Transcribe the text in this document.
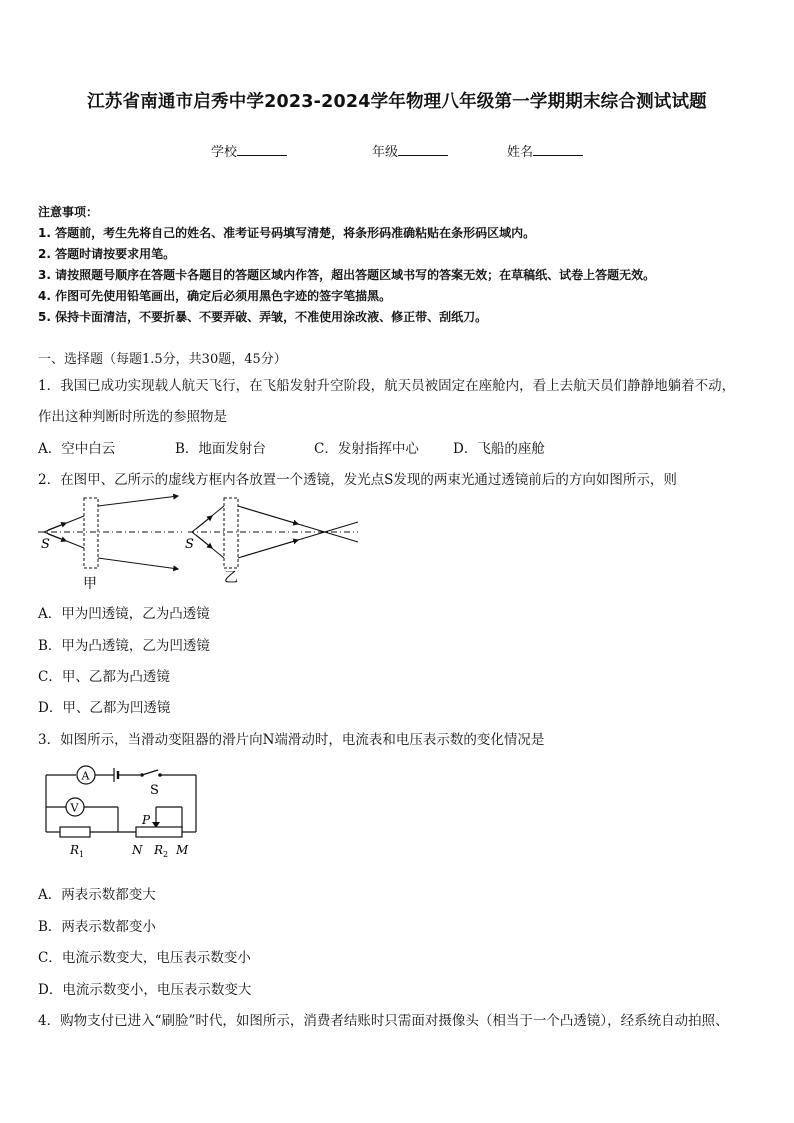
江苏省南通市启秀中学2023-2024学年物理八年级第一学期期末综合测试试题
学校	年级	姓名
注意事项：
1. 答题前，考生先将自己的姓名、准考证号码填写清楚，将条形码准确粘贴在条形码区域内。
2. 答题时请按要求用笔。
3. 请按照题号顺序在答题卡各题目的答题区域内作答，超出答题区域书写的答案无效；在草稿纸、试卷上答题无效。
4. 作图可先使用铅笔画出，确定后必须用黑色字迹的签字笔描黑。
5. 保持卡面清洁，不要折暴、不要弄破、弄皱，不准使用涂改液、修正带、刮纸刀。
一、选择题（每题1.5分，共30题，45分）
1．我国已成功实现载人航天飞行，在飞船发射升空阶段，航天员被固定在座舱内，看上去航天员们静静地躺着不动，
作出这种判断时所选的参照物是
A．空中白云	B．地面发射台	C．发射指挥中心	D．飞船的座舱
2．在图甲、乙所示的虚线方框内各放置一个透镜，发光点S发现的两束光通过透镜前后的方向如图所示，则
S
甲
S
乙
A．甲为凹透镜，乙为凸透镜
B．甲为凸透镜，乙为凹透镜
C．甲、乙都为凸透镜
D．甲、乙都为凹透镜
3．如图所示，当滑动变阻器的滑片向N端滑动时，电流表和电压表示数的变化情况是
A
S
V
P
$R_1$	N $R_2$ M
A．两表示数都变大
B．两表示数都变小
C．电流示数变大，电压表示数变小
D．电流示数变小，电压表示数变大
4．购物支付已进入“刷脸”时代，如图所示，消费者结账时只需面对摄像头（相当于一个凸透镜），经系统自动拍照、
